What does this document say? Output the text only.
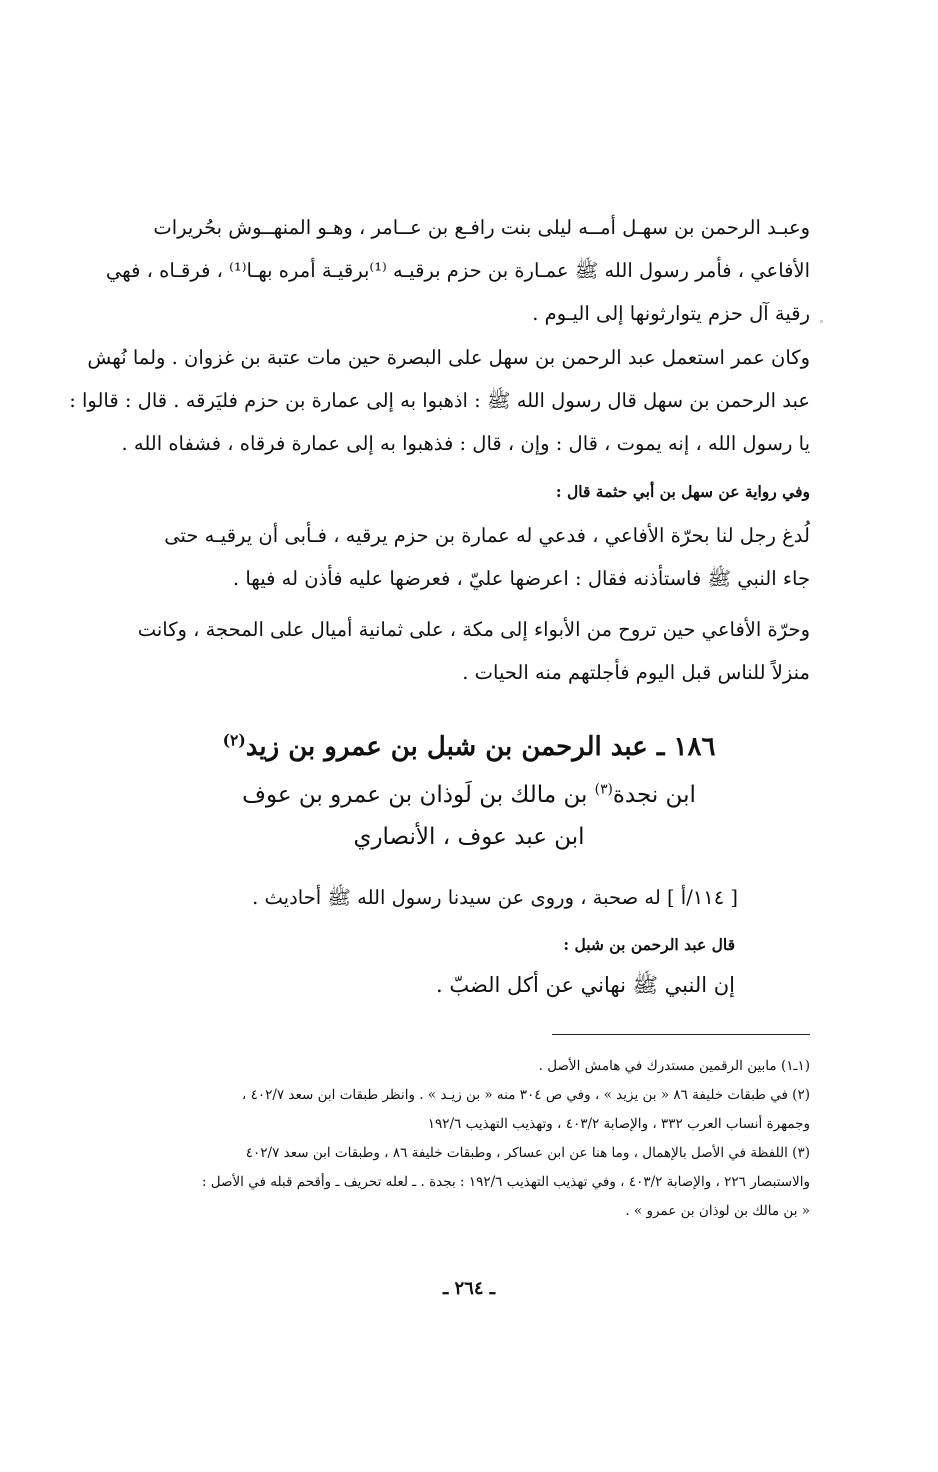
وعبـد الرحمن بن سهـل أمــه ليلى بنت رافـع بن عــامر ، وهـو المنهــوش بحُريرات
الأفاعي ، فأمر رسول الله ﷺ عمـارة بن حزم برقيـه ⁽¹⁾برقيـة أمره بهـا⁽¹⁾ ، فرقـاه ، فهي
رقية آل حزم يتوارثونها إلى اليـوم .
وكان عمر استعمل عبد الرحمن بن سهل على البصرة حين مات عتبة بن غزوان . ولما نُهش
عبد الرحمن بن سهل قال رسول الله ﷺ : اذهبوا به إلى عمارة بن حزم فليَرقه . قال : قالوا :
يا رسول الله ، إنه يموت ، قال : وإن ، قال : فذهبوا به إلى عمارة فرقاه ، فشفاه الله .
وفي رواية عن سهل بن أبي حثمة قال :
لُدغ رجل لنا بحرّة الأفاعي ، فدعي له عمارة بن حزم يرقيه ، فـأبى أن يرقيـه حتى
جاء النبي ﷺ فاستأذنه فقال : اعرضها عليّ ، فعرضها عليه فأذن له فيها .
وحرّة الأفاعي حين تروح من الأبواء إلى مكة ، على ثمانية أميال على المحجة ، وكانت
منزلاً للناس قبل اليوم فأجلتهم منه الحيات .
١٨٦ ـ عبد الرحمن بن شبل بن عمرو بن زيد$^{(٢)}$
ابن نجدة$^{(٣)}$ بن مالك بن لَوذان بن عمرو بن عوف
ابن عبد عوف ، الأنصاري
[ ١١٤/أ ] له صحبة ، وروى عن سيدنا رسول الله ﷺ أحاديث .
قال عبد الرحمن بن شبل :
إن النبي ﷺ نهاني عن أكل الضبّ .
(١ـ١) مابين الرقمين مستدرك في هامش الأصل .
(٢) في طبقات خليفة ٨٦ « بن يزيد » ، وفي ص ٣٠٤ منه « بن زيـد » . وانظر طبقات ابن سعد ٤٠٢/٧ ،
وجمهرة أنساب العرب ٣٣٢ ، والإصابة ٤٠٣/٢ ، وتهذيب التهذيب ١٩٢/٦
(٣) اللفظة في الأصل بالإهمال ، وما هنا عن ابن عساكر ، وطبقات خليفة ٨٦ ، وطبقات ابن سعد ٤٠٢/٧
والاستبصار ٢٢٦ ، والإصابة ٤٠٣/٢ ، وفي تهذيب التهذيب ١٩٢/٦ : بجدة . ـ لعله تحريف ـ وأقحم قبله في الأصل :
« بن مالك بن لوذان بن عمرو » .
ـ ٢٦٤ ـ
